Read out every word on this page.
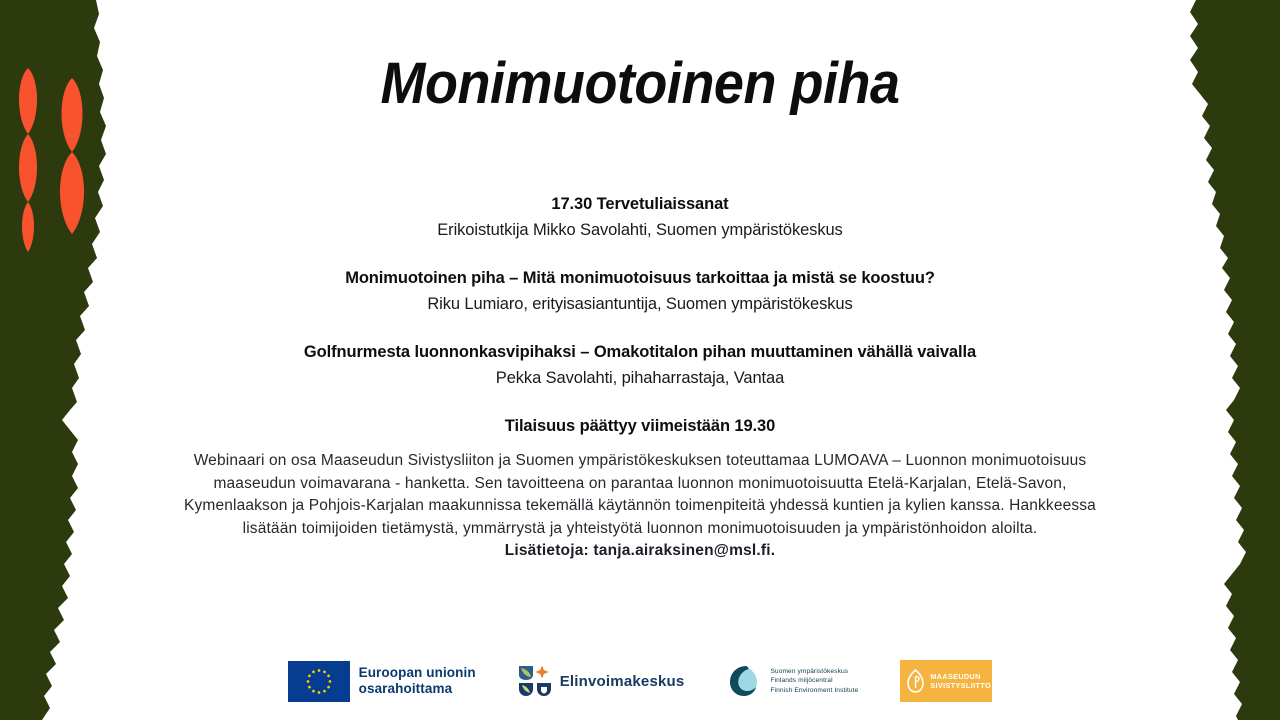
Monimuotoinen piha
17.30 Tervetuliaissanat
Erikoistutkija Mikko Savolahti, Suomen ympäristökeskus
Monimuotoinen piha – Mitä monimuotoisuus tarkoittaa ja mistä se koostuu?
Riku Lumiaro, erityisasiantuntija, Suomen ympäristökeskus
Golfnurmesta luonnonkasvipihaksi – Omakotitalon pihan muuttaminen vähällä vaivalla
Pekka Savolahti, pihaharrastaja, Vantaa
Tilaisuus päättyy viimeistään 19.30
Webinaari on osa Maaseudun Sivistysliiton ja Suomen ympäristökeskuksen toteuttamaa LUMOAVA – Luonnon monimuotoisuus maaseudun voimavarana - hanketta. Sen tavoitteena on parantaa luonnon monimuotoisuutta Etelä-Karjalan, Etelä-Savon, Kymenlaakson ja Pohjois-Karjalan maakunnissa tekemällä käytännön toimenpiteitä yhdessä kuntien ja kylien kanssa. Hankkeessa lisätään toimijoiden tietämystä, ymmärrystä ja yhteistyötä luonnon monimuotoisuuden ja ympäristönhoidon aloilta.
Lisätietoja: tanja.airaksinen@msl.fi.
Euroopan unionin
osarahoittama	Elinvoimakeskus
Suomen ympäristökeskus
Finlands miljöcentral
Finnish Environment Institute
MAASEUDUN
SIVISTYSLIITTO
